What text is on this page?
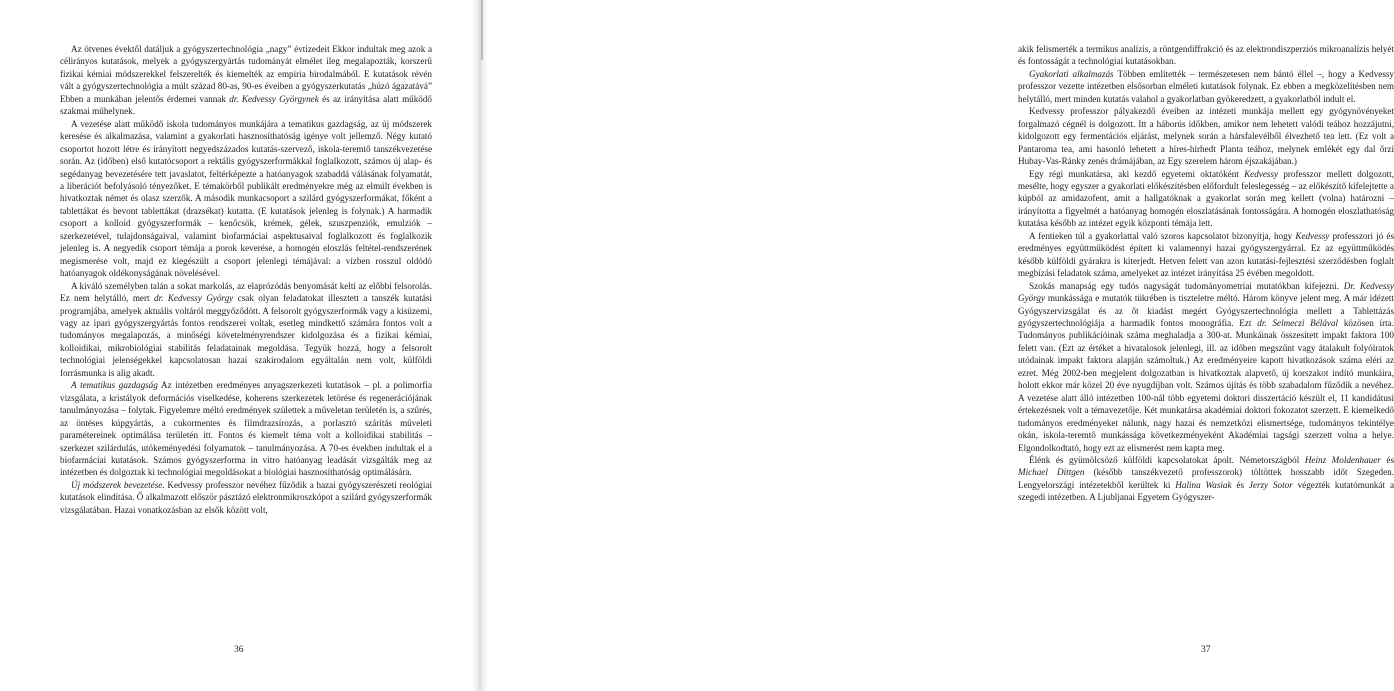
Az ötvenes évektől datáljuk a gyógyszertechnológia „nagy” évtizedeit Ekkor indultak meg azok a célirányos kutatások, melyek a gyógyszergyártás tudományát elmélet ileg megalapozták, korszerű fizikai kémiai módszerekkel felszerelték és kiemelték az empiria birodalmából. E kutatások révén vált a gyógyszertechnológia a múlt század 80-as, 90-es éveiben a gyógyszerkutatás „húzó ágazatává” Ebben a munkában jelentős érdemei vannak dr. Kedvessy Györgynek és az irányítása alatt működő szakmai műhelynek.

A vezetése alatt működő iskola tudományos munkájára a tematikus gazdagság, az új módszerek keresése és alkalmazása, valamint a gyakorlati hasznosíthatóság igénye volt jellemző. Négy kutató csoportot hozott létre és irányított negyedszázados kutatás-szervező, iskola-teremtő tanszékvezetése során. Az (időben) első kutatócsoport a rektális gyógyszerformákkal foglalkozott, számos új alap- és segédanyag bevezetésére tett javaslatot, feltérképezte a hatóanyagok szabaddá válásának folyamatát, a liberációt befolyásoló tényezőket. E témakörből publikált eredményekre még az elmúlt években is hivatkoztak német és olasz szerzők. A második munkacsoport a szilárd gyógyszerformákat, főként a tablettákat és bevont tablettákat (drazsékat) kutatta. (E kutatások jelenleg is folynak.) A harmadik csoport a kolloid gyógyszerformák – kenőcsök, krémek, gélek, szuszpenziók, emulziók – szerkezetével, tulajdonságaival, valamint biofarmáciai aspektusaival foglalkozott és foglalkozik jelenleg is. A negyedik csoport témája a porok keverése, a homogén eloszlás feltétel-rendszerének megismerése volt, majd ez kiegészült a csoport jelenlegi témájával: a vízben rosszul oldódó hatóanyagok oldékonyságának növelésével.

A kiváló személyben talán a sokat markolás, az elaprózódás benyomását kelti az előbbi felsorolás. Ez nem helytálló, mert dr. Kedvessy György csak olyan feladatokat illesztett a tanszék kutatási programjába, amelyek aktuális voltáról meggyőződött. A felsorolt gyógyszerformák vagy a kisüzemi, vagy az ipari gyógyszergyártás fontos rendszerei voltak, esetleg mindkettő számára fontos volt a tudományos megalapozás, a minőségi követelményrendszer kidolgozása és a fizikai kémiai, kolloidikai, mikrobiológiai stabilitás feladatainak megoldása. Tegyük hozzá, hogy a felsorolt technológiai jelenségekkel kapcsolatosan hazai szakirodalom egyáltalán nem volt, külföldi forrásmunka is alig akadt.

A tematikus gazdagság Az intézetben eredményes anyagszerkezeti kutatások – pl. a polimorfia vizsgálata, a kristályok deformációs viselkedése, koherens szerkezetek letörése és regenerációjának tanulmányozása – folytak. Figyelemre méltó eredmények születtek a műveletan területén is, a szűrés, az öntéses kúpgyártás, a cukormentes és filmdrazsírozás, a porlasztó szárítás műveleti paramétereinek optimálása területén itt. Fontos és kiemelt téma volt a kolloidikai stabilitás – szerkezet szilárdulás, utókeményedési folyamatok – tanulmányozása. A 70-es években indultak el a biofarmáciai kutatások. Számos gyógyszerforma in vitro hatóanyag leadását vizsgálták meg az intézetben és dolgoztak ki technológiai megoldásokat a biológiai hasznosíthatóság optimálására.

Új módszerek bevezetése. Kedvessy professzor nevéhez fűződik a hazai gyógyszerészeti reológiai kutatások elindítása. Ő alkalmazott először pásztázó elektronmikroszkópot a szilárd gyógyszerformák vizsgálatában. Hazai vonatkozásban az elsők között volt,

36

akik felismerték a termikus analízis, a röntgendiffrakció és az elektrondiszperziós mikroanalízis helyét és fontosságát a technológiai kutatásokban.

Gyakorlati alkalmazás Többen említették – természetesen nem bántó éllel –, hogy a Kedvessy professzor vezette intézetben elsősorban elméleti kutatások folynak. Ez ebben a megközelítésben nem helytálló, mert minden kutatás valahol a gyakorlatban gyökeredzett, a gyakorlatból indult el.

Kedvessy professzor pályakezdő éveiben az intézeti munkája mellett egy gyógynövényeket forgalmazó cégnél is dolgozott. Itt a háborús időkben, amikor nem lehetett valódi teához hozzájutni, kidolgozott egy fermentációs eljárást, melynek során a hársfalevélből élvezhető tea lett. (Ez volt a Pantaroma tea, ami hasonló lehetett a híres-hírhedt Planta teához, melynek emlékét egy dal őrzi Hubay-Vas-Ránky zenés drámájában, az Egy szerelem három éjszakájában.)

Egy régi munkatársa, aki kezdő egyetemi oktatóként Kedvessy professzor mellett dolgozott, mesélte, hogy egyszer a gyakorlati előkészítésben előfordult feleslegesség – az előkészítő kifelejtette a kúpból az amidazofent, amit a hallgatóknak a gyakorlat során meg kellett (volna) határozni – irányította a figyelmét a hatóanyag homogén eloszlatásának fontosságára. A homogén eloszlathatóság kutatása később az intézet egyik központi témája lett.

A fentieken túl a gyakorlattal való szoros kapcsolatot bizonyítja, hogy Kedvessy professzori jó és eredményes együttműködést épített ki valamennyi hazai gyógyszergyárral. Ez az együttműködés később külföldi gyárakra is kiterjedt. Hetven felett van azon kutatási-fejlesztési szerződésben foglalt megbízási feladatok száma, amelyeket az intézet irányítása 25 évében megoldott.

Szokás manapság egy tudós nagyságát tudományometriai mutatókban kifejezni. Dr. Kedvessy György munkássága e mutatók tükrében is tiszteletre méltó. Három könyve jelent meg. A már idézett Gyógyszervizsgálat és az őt kiadást megért Gyógyszertechnológia mellett a Tablettázás gyógyszertechnológiája a harmadik fontos monográfia. Ezt dr. Selmeczi Bélával közösen írta. Tudományos publikációinak száma meghaladja a 300-at. Munkáinak összesített impakt faktora 100 felett van. (Ezt az értéket a hivatalosok jelenlegi, ill. az időben megszűnt vagy átalakult folyóiratok utódainak impakt faktora alapján számoltuk.) Az eredményeire kapott hivatkozások száma eléri az ezret. Még 2002-ben megjelent dolgozatban is hivatkoztak alapvető, új korszakot indító munkáira, holott ekkor már közel 20 éve nyugdíjban volt. Számos újítás és több szabadalom fűződik a nevéhez. A vezetése alatt álló intézetben 100-nál több egyetemi doktori disszertáció készült el, 11 kandidátusi értekezésnek volt a témavezetője. Két munkatársa akadémiai doktori fokozatot szerzett. E kiemelkedő tudományos eredményeket nálunk, nagy hazai és nemzetközi elismertsége, tudományos tekintélye okán, iskola-teremtő munkássága következményeként Akadémiai tagsági szerzett volna a helye. Elgondolkodtató, hogy ezt az elismerést nem kapta meg.

Élénk és gyümölcsöző külföldi kapcsolatokat ápolt. Németországból Heinz Moldenhauer és Michael Dittgen (később tanszékvezető professzorok) töltöttek hosszabb időt Szegeden. Lengyelországi intézetekből kerültek ki Halina Wasiak és Jerzy Sotor végezték kutatómunkát a szegedi intézetben. A Ljubljanai Egyetem Gyógyszer-

37
